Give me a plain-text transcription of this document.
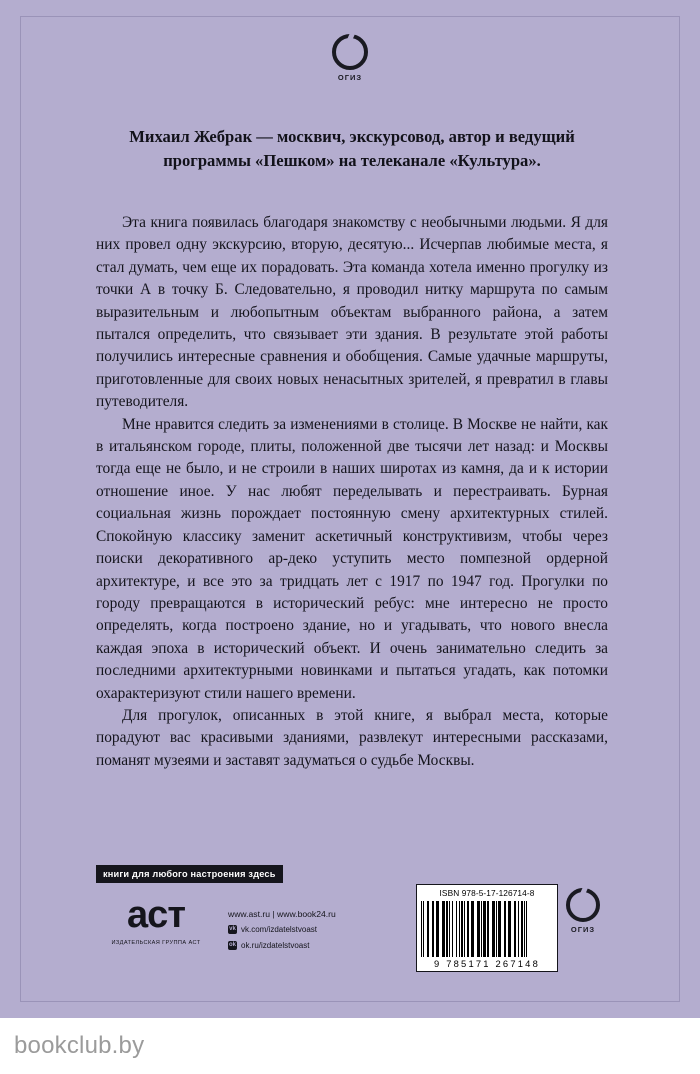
ОГИЗ
Михаил Жебрак — москвич, экскурсовод, автор и ведущий программы «Пешком» на телеканале «Культура».

Эта книга появилась благодаря знакомству с необычными людьми. Я для них провел одну экскурсию, вторую, десятую... Исчерпав любимые места, я стал думать, чем еще их порадовать. Эта команда хотела именно прогулку из точки А в точку Б. Следовательно, я проводил нитку маршрута по самым выразительным и любопытным объектам выбранного района, а затем пытался определить, что связывает эти здания. В результате этой работы получились интересные сравнения и обобщения. Самые удачные маршруты, приготовленные для своих новых ненасытных зрителей, я превратил в главы путеводителя.

Мне нравится следить за изменениями в столице. В Москве не найти, как в итальянском городе, плиты, положенной две тысячи лет назад: и Москвы тогда еще не было, и не строили в наших широтах из камня, да и к истории отношение иное. У нас любят переделывать и перестраивать. Бурная социальная жизнь порождает постоянную смену архитектурных стилей. Спокойную классику заменит аскетичный конструктивизм, чтобы через поиски декоративного ар-деко уступить место помпезной ордерной архитектуре, и все это за тридцать лет с 1917 по 1947 год. Прогулки по городу превращаются в исторический ребус: мне интересно не просто определять, когда построено здание, но и угадывать, что нового внесла каждая эпоха в исторический объект. И очень занимательно следить за последними архитектурными новинками и пытаться угадать, как потомки охарактеризуют стили нашего времени.

Для прогулок, описанных в этой книге, я выбрал места, которые порадуют вас красивыми зданиями, развлекут интересными рассказами, поманят музеями и заставят задуматься о судьбе Москвы.

книги для любого настроения здесь
аст
ИЗДАТЕЛЬСКАЯ ГРУППА АСТ
www.ast.ru | www.book24.ru
vk vk.com/izdatelstvoast
ok ok.ru/izdatelstvoast
ISBN 978-5-17-126714-8
9 785171 267148
ОГИЗ
bookclub.by
